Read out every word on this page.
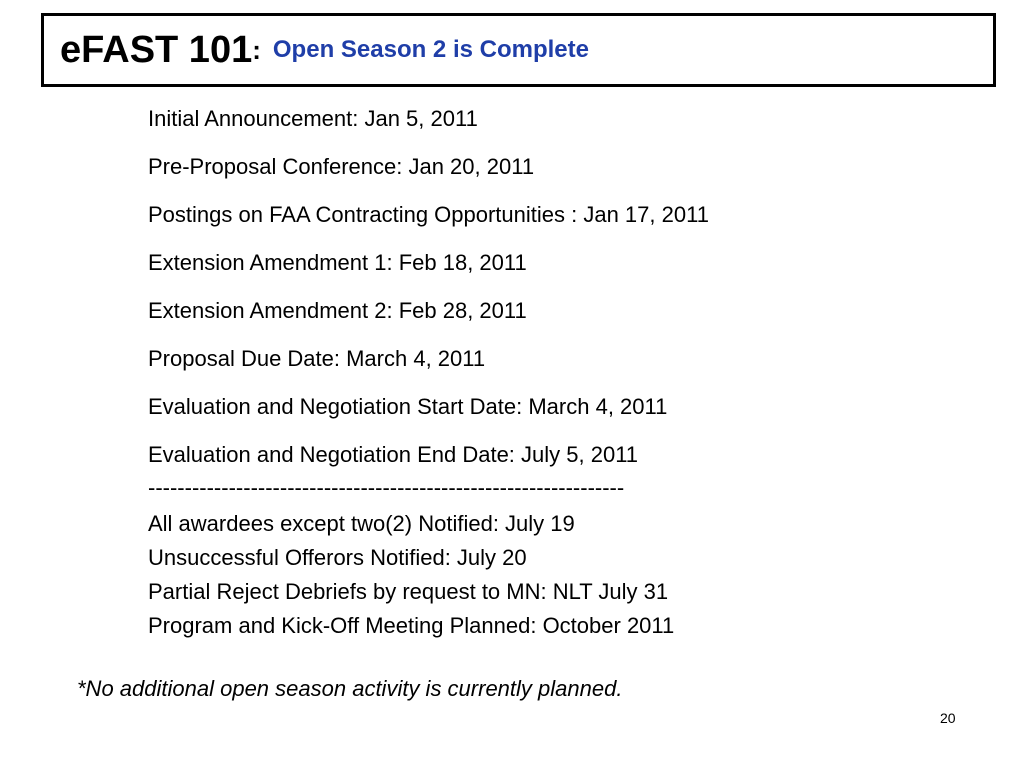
eFAST 101 : Open Season 2 is Complete
Initial Announcement: Jan 5, 2011
Pre-Proposal Conference: Jan 20, 2011
Postings on FAA Contracting Opportunities : Jan 17, 2011
Extension Amendment 1: Feb 18, 2011
Extension Amendment 2: Feb 28, 2011
Proposal Due Date: March 4, 2011
Evaluation and Negotiation Start Date: March 4, 2011
Evaluation and Negotiation End Date: July 5, 2011
-----------------------------------------------------------------
All awardees except two(2) Notified: July 19
Unsuccessful Offerors Notified: July 20
Partial Reject Debriefs by request to MN: NLT July 31
Program and Kick-Off Meeting Planned: October 2011
*No additional open season activity is currently planned.
20
